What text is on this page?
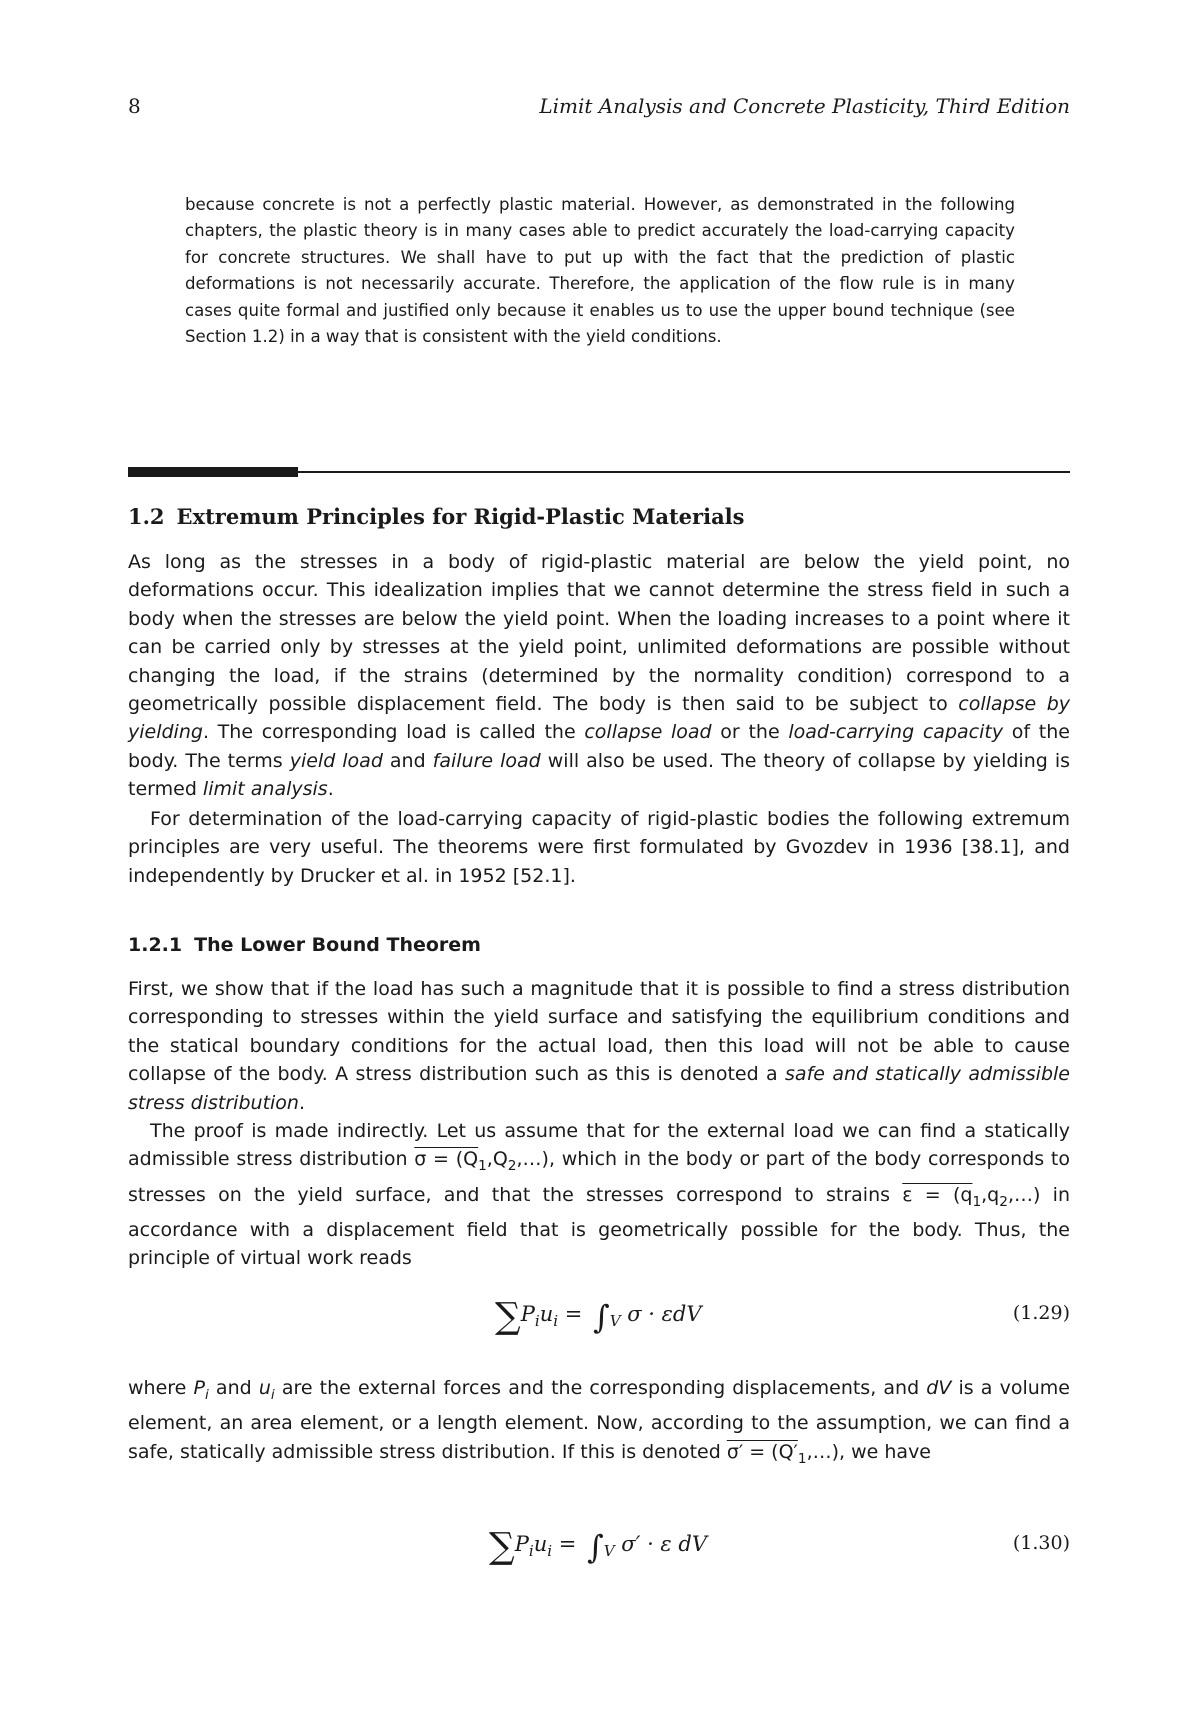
8	Limit Analysis and Concrete Plasticity, Third Edition

because concrete is not a perfectly plastic material. However, as demonstrated in the following chapters, the plastic theory is in many cases able to predict accurately the load-carrying capacity for concrete structures. We shall have to put up with the fact that the prediction of plastic deformations is not necessarily accurate. Therefore, the application of the flow rule is in many cases quite formal and justified only because it enables us to use the upper bound technique (see Section 1.2) in a way that is consistent with the yield conditions.

1.2 Extremum Principles for Rigid-Plastic Materials

As long as the stresses in a body of rigid-plastic material are below the yield point, no deformations occur. This idealization implies that we cannot determine the stress field in such a body when the stresses are below the yield point. When the loading increases to a point where it can be carried only by stresses at the yield point, unlimited deformations are possible without changing the load, if the strains (determined by the normality condition) correspond to a geometrically possible displacement field. The body is then said to be subject to collapse by yielding. The corresponding load is called the collapse load or the load-carrying capacity of the body. The terms yield load and failure load will also be used. The theory of collapse by yielding is termed limit analysis.

For determination of the load-carrying capacity of rigid-plastic bodies the following extremum principles are very useful. The theorems were first formulated by Gvozdev in 1936 [38.1], and independently by Drucker et al. in 1952 [52.1].

1.2.1 The Lower Bound Theorem

First, we show that if the load has such a magnitude that it is possible to find a stress distribution corresponding to stresses within the yield surface and satisfying the equilibrium conditions and the statical boundary conditions for the actual load, then this load will not be able to cause collapse of the body. A stress distribution such as this is denoted a safe and statically admissible stress distribution.

The proof is made indirectly. Let us assume that for the external load we can find a statically admissible stress distribution $\sigma = (Q_1,Q_2,\dots)$, which in the body or part of the body corresponds to stresses on the yield surface, and that the stresses correspond to strains $\varepsilon = (q_1,q_2,\dots)$ in accordance with a displacement field that is geometrically possible for the body. Thus, the principle of virtual work reads

$\sum P_iu_i = \int_V$ σ · εdV	(1.29)

where $P_i$ and $u_i$ are the external forces and the corresponding displacements, and dV is a volume element, an area element, or a length element. Now, according to the assumption, we can find a safe, statically admissible stress distribution. If this is denoted $\sigma' = (Q'_1,\dots)$, we have

$\sum P_iu_i = \int_V$ σ′ · ε dV	(1.30)
